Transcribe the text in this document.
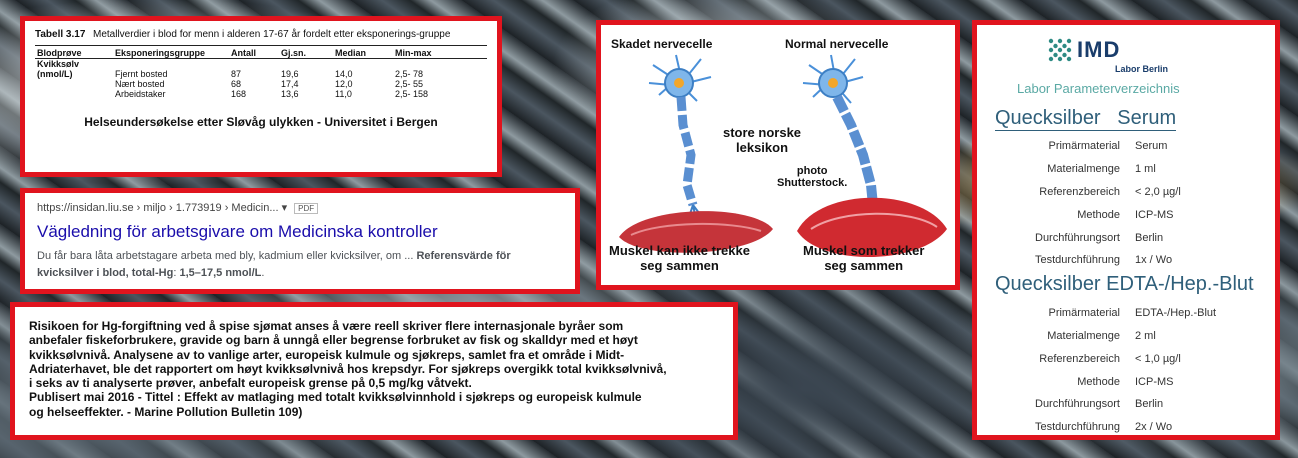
Tabell 3.17 Metallverdier i blod for menn i alderen 17-67 år fordelt etter eksponerings-gruppe
Blodprøve	Eksponeringsgruppe	Antall	Gj.sn.	Median	Min-max
Kvikksølv					
(nmol/L)	Fjernt bosted	87	19,6	14,0	2,5- 78
	Nært bosted	68	17,4	12,0	2,5- 55
	Arbeidstaker	168	13,6	11,0	2,5- 158
Helseundersøkelse etter Sløvåg ulykken - Universitet i Bergen
https://insidan.liu.se › miljo › 1.773919 › Medicin... ▾ PDF
Vägledning för arbetsgivare om Medicinska kontroller
Du får bara låta arbetstagare arbeta med bly, kadmium eller kvicksilver, om ... Referensvärde för kvicksilver i blod, total-Hg: 1,5–17,5 nmol/L.
Risikoen for Hg-forgiftning ved å spise sjømat anses å være reell skriver flere internasjonale byråer som
anbefaler fiskeforbrukere, gravide og barn å unngå eller begrense forbruket av fisk og skalldyr med et høyt
kvikksølvnivå. Analysene av to vanlige arter, europeisk kulmule og sjøkreps, samlet fra et område i Midt-
Adriaterhavet, ble det rapportert om høyt kvikksølvnivå hos krepsdyr. For sjøkreps overgikk total kvikksølvnivå,
i seks av ti analyserte prøver, anbefalt europeisk grense på 0,5 mg/kg våtvekt.
Publisert mai 2016 - Tittel : Effekt av matlaging med totalt kvikksølvinnhold i sjøkreps og europeisk kulmule
og helseeffekter. - Marine Pollution Bulletin 109)
Skadet nervecelle	Normal nervecelle
store norske
leksikon
photo
Shutterstock.
Muskel kan ikke trekke
seg sammen
Muskel som trekker
seg sammen
IMD
Labor Berlin
Labor Parameterverzeichnis
Quecksilber   Serum
Primärmaterial Serum
Materialmenge 1 ml
Referenzbereich < 2,0 µg/l
Methode ICP-MS
Durchführungsort Berlin
Testdurchführung 1x / Wo
Quecksilber EDTA-/Hep.-Blut
Primärmaterial EDTA-/Hep.-Blut
Materialmenge 2 ml
Referenzbereich < 1,0 µg/l
Methode ICP-MS
Durchführungsort Berlin
Testdurchführung 2x / Wo
